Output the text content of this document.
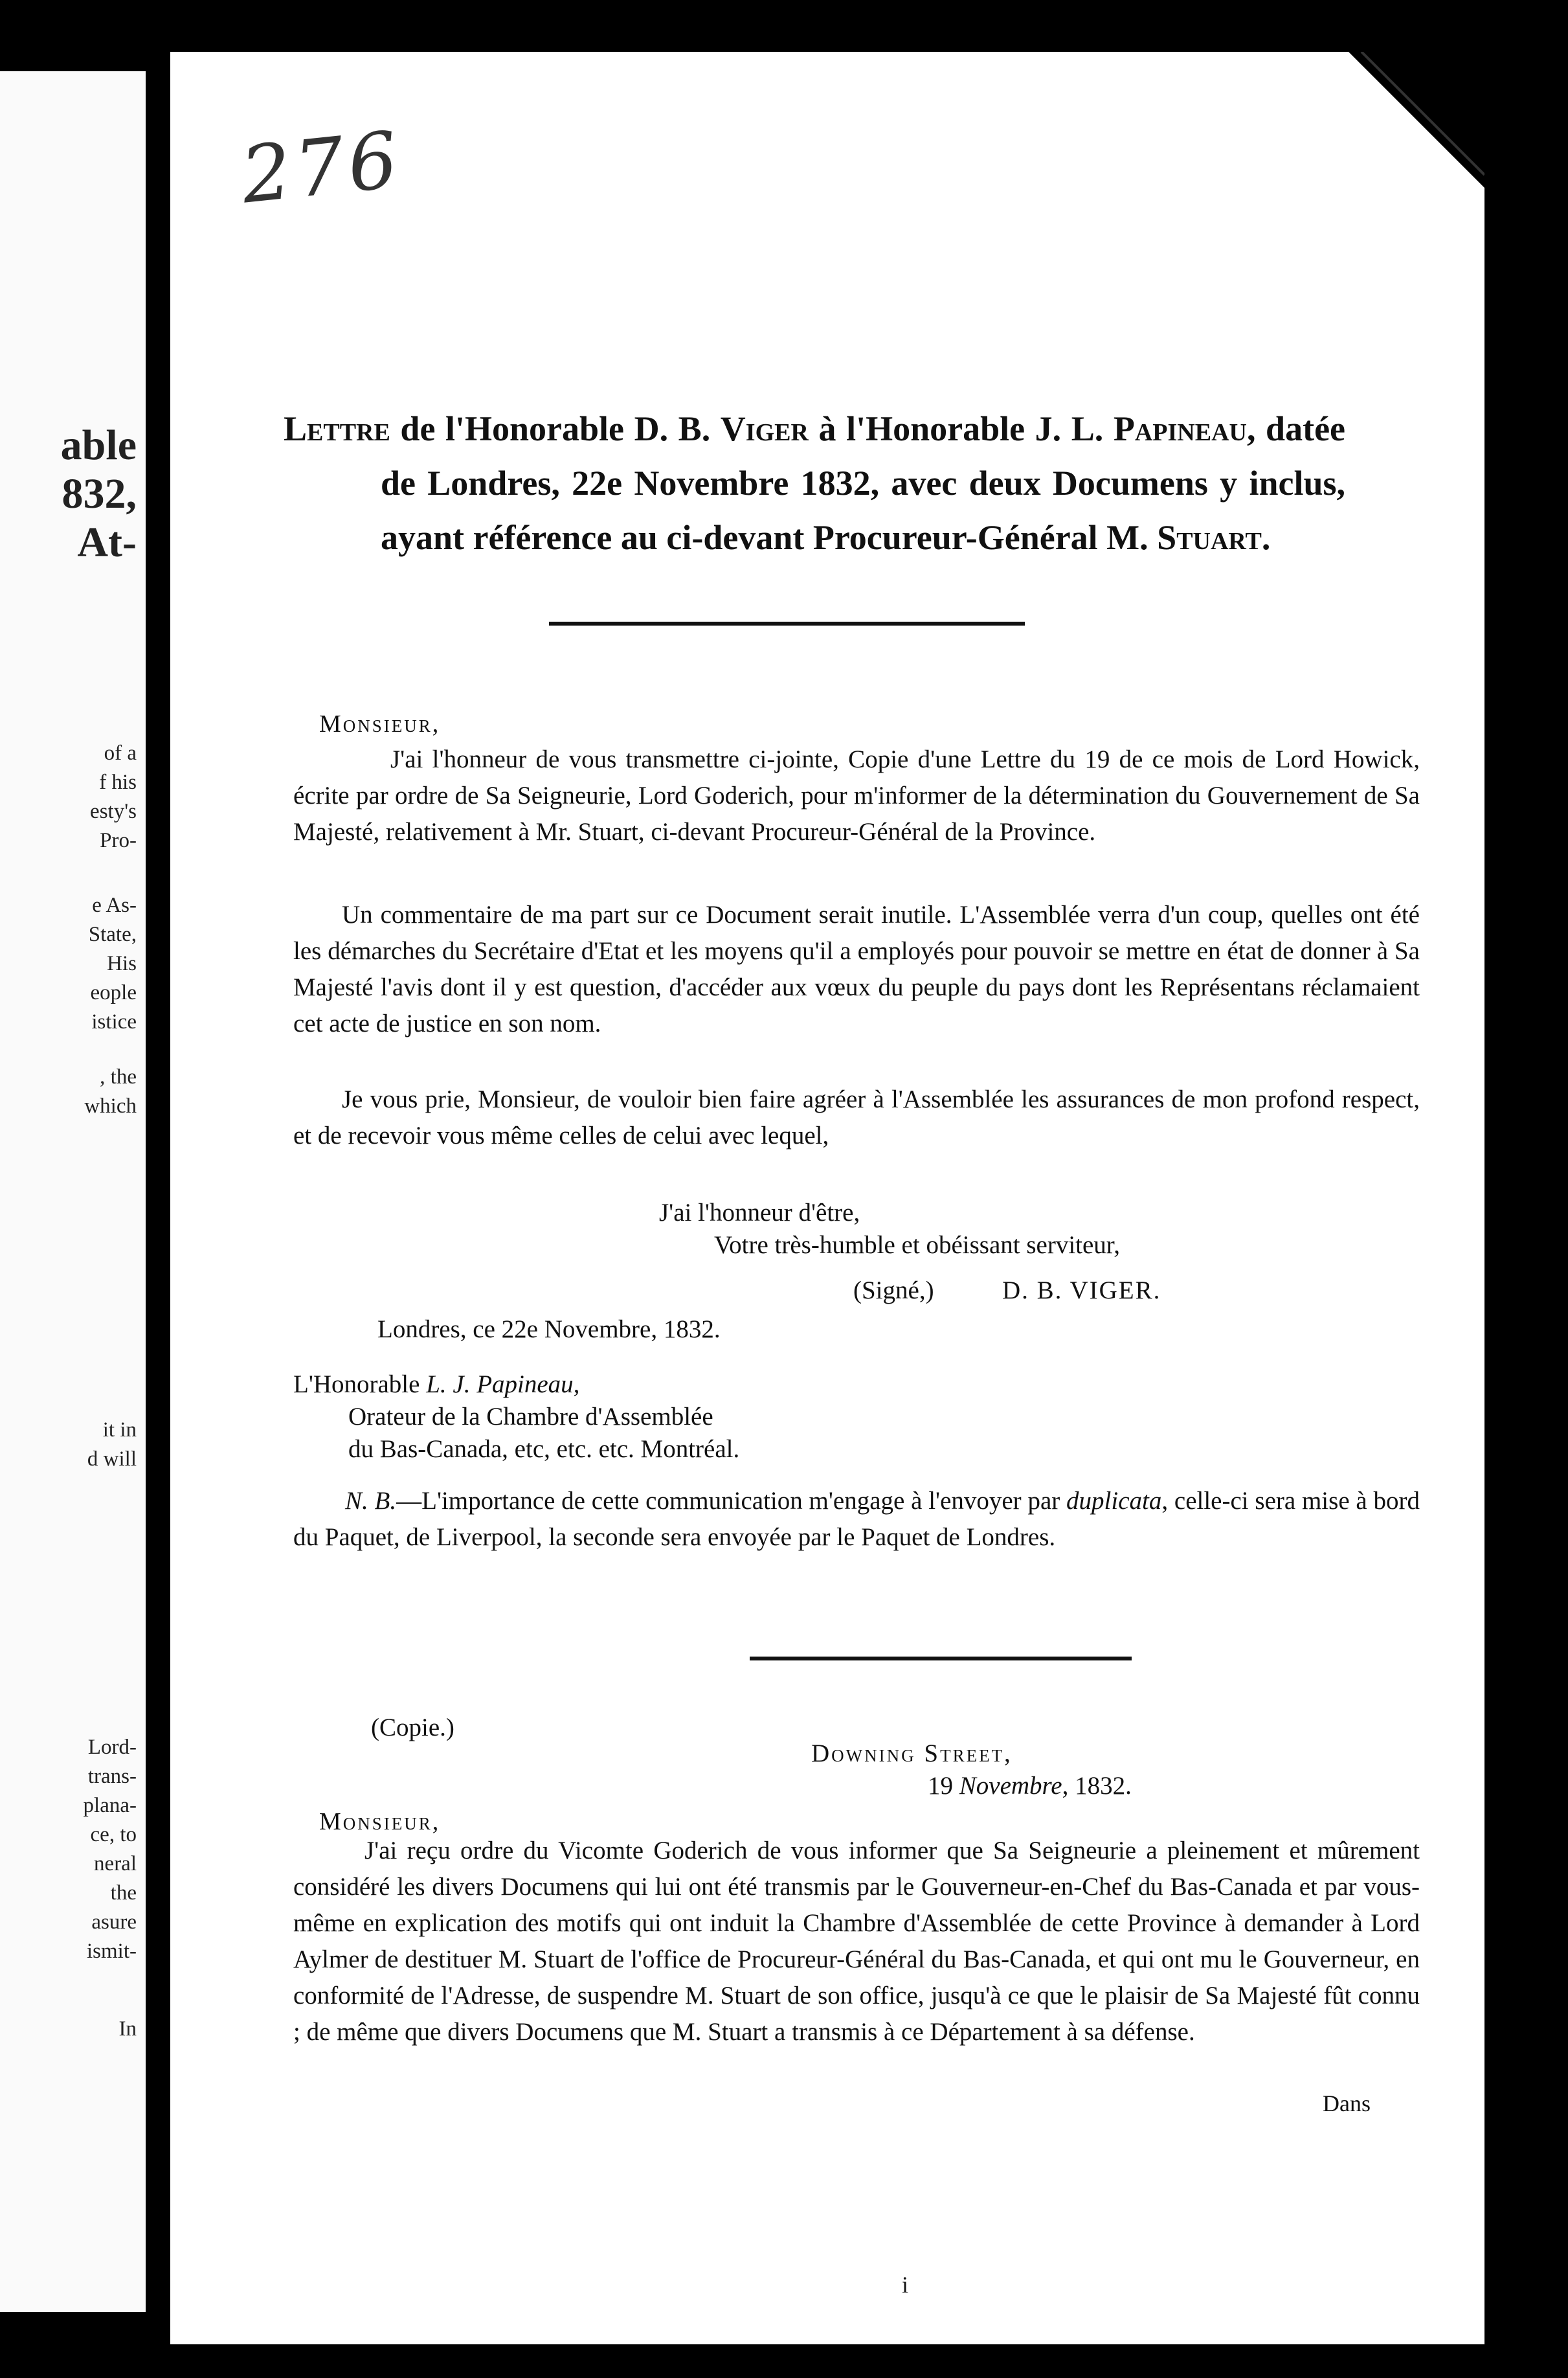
able
832,
At-
of a
f his
esty's
Pro-
e As-
State,
His
eople
istice
, the
which
it in
d will
Lord-
trans-
plana-
ce, to
neral
the
asure
ismit-
In
276
Lettre de l'Honorable D. B. Viger à l'Honorable J. L. Papineau, datée de Londres, 22e Novembre 1832, avec deux Documens y inclus, ayant référence au ci-devant Procureur-Général M. Stuart.
Monsieur,
J'ai l'honneur de vous transmettre ci-jointe, Copie d'une Lettre du 19 de ce mois de Lord Howick, écrite par ordre de Sa Seigneurie, Lord Goderich, pour m'informer de la détermination du Gouvernement de Sa Majesté, relativement à Mr. Stuart, ci-devant Procureur-Général de la Province.
Un commentaire de ma part sur ce Document serait inutile. L'Assemblée verra d'un coup, quelles ont été les démarches du Secrétaire d'Etat et les moyens qu'il a employés pour pouvoir se mettre en état de donner à Sa Majesté l'avis dont il y est question, d'accéder aux vœux du peuple du pays dont les Représentans réclamaient cet acte de justice en son nom.
Je vous prie, Monsieur, de vouloir bien faire agréer à l'Assemblée les assurances de mon profond respect, et de recevoir vous même celles de celui avec lequel,
J'ai l'honneur d'être,
Votre très-humble et obéissant serviteur,
(Signé,)	D. B. VIGER.
Londres, ce 22e Novembre, 1832.
L'Honorable L. J. Papineau,
Orateur de la Chambre d'Assemblée
du Bas-Canada, etc, etc. etc. Montréal.
N. B.—L'importance de cette communication m'engage à l'envoyer par duplicata, celle-ci sera mise à bord du Paquet, de Liverpool, la seconde sera envoyée par le Paquet de Londres.
(Copie.)
Downing Street,
19 Novembre, 1832.
Monsieur,
J'ai reçu ordre du Vicomte Goderich de vous informer que Sa Seigneurie a pleinement et mûrement considéré les divers Documens qui lui ont été transmis par le Gouverneur-en-Chef du Bas-Canada et par vous-même en explication des motifs qui ont induit la Chambre d'Assemblée de cette Province à demander à Lord Aylmer de destituer M. Stuart de l'office de Procureur-Général du Bas-Canada, et qui ont mu le Gouverneur, en conformité de l'Adresse, de suspendre M. Stuart de son office, jusqu'à ce que le plaisir de Sa Majesté fût connu ; de même que divers Documens que M. Stuart a transmis à ce Département à sa défense.
Dans
i
